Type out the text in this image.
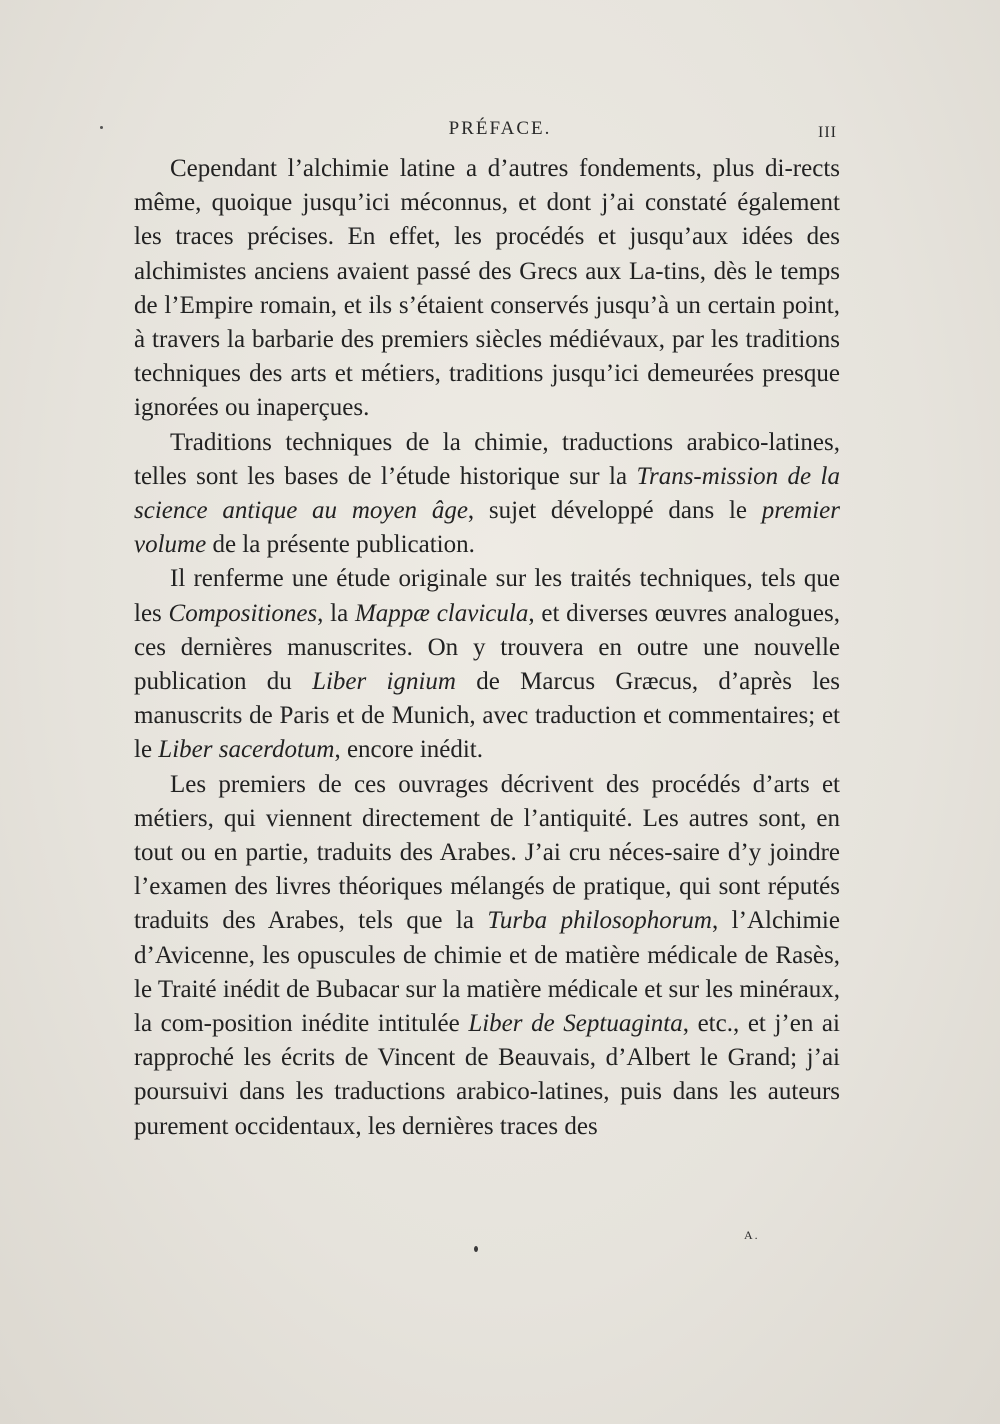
PRÉFACE.	III

Cependant l’alchimie latine a d’autres fondements, plus di-rects même, quoique jusqu’ici méconnus, et dont j’ai constaté également les traces précises. En effet, les procédés et jusqu’aux idées des alchimistes anciens avaient passé des Grecs aux La-tins, dès le temps de l’Empire romain, et ils s’étaient conservés jusqu’à un certain point, à travers la barbarie des premiers siècles médiévaux, par les traditions techniques des arts et métiers, traditions jusqu’ici demeurées presque ignorées ou inaperçues.

Traditions techniques de la chimie, traductions arabico-latines, telles sont les bases de l’étude historique sur la Trans-mission de la science antique au moyen âge, sujet développé dans le premier volume de la présente publication.

Il renferme une étude originale sur les traités techniques, tels que les Compositiones, la Mappæ clavicula, et diverses œuvres analogues, ces dernières manuscrites. On y trouvera en outre une nouvelle publication du Liber ignium de Marcus Græcus, d’après les manuscrits de Paris et de Munich, avec traduction et commentaires; et le Liber sacerdotum, encore inédit.

Les premiers de ces ouvrages décrivent des procédés d’arts et métiers, qui viennent directement de l’antiquité. Les autres sont, en tout ou en partie, traduits des Arabes. J’ai cru néces-saire d’y joindre l’examen des livres théoriques mélangés de pratique, qui sont réputés traduits des Arabes, tels que la Turba philosophorum, l’Alchimie d’Avicenne, les opuscules de chimie et de matière médicale de Rasès, le Traité inédit de Bubacar sur la matière médicale et sur les minéraux, la com-position inédite intitulée Liber de Septuaginta, etc., et j’en ai rapproché les écrits de Vincent de Beauvais, d’Albert le Grand; j’ai poursuivi dans les traductions arabico-latines, puis dans les auteurs purement occidentaux, les dernières traces des

A.
